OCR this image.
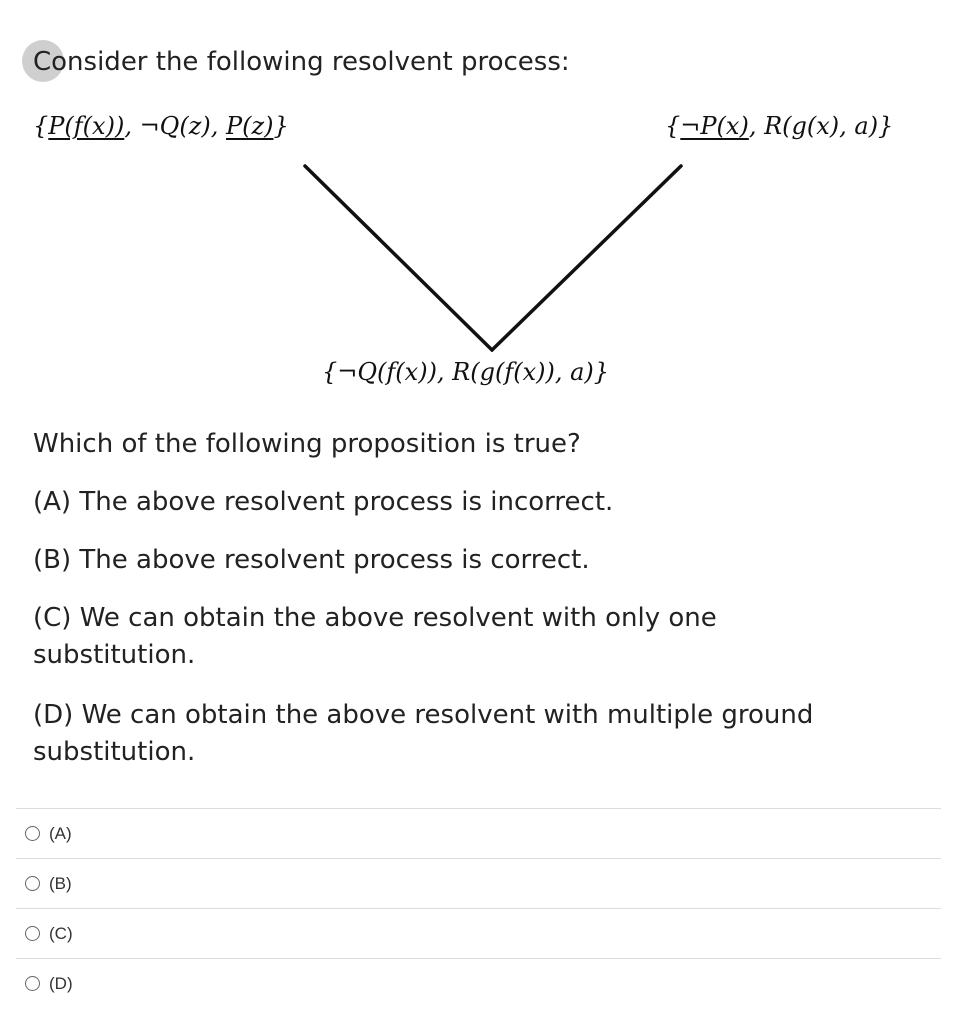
Consider the following resolvent process:
{P(f(x)), ¬Q(z), P(z)}	{¬P(x), R(g(x), a)}
{¬Q(f(x)), R(g(f(x)), a)}
Which of the following proposition is true?
(A) The above resolvent process is incorrect.
(B) The above resolvent process is correct.
(C) We can obtain the above resolvent with only one
substitution.
(D) We can obtain the above resolvent with multiple ground
substitution.
(A)
(B)
(C)
(D)
